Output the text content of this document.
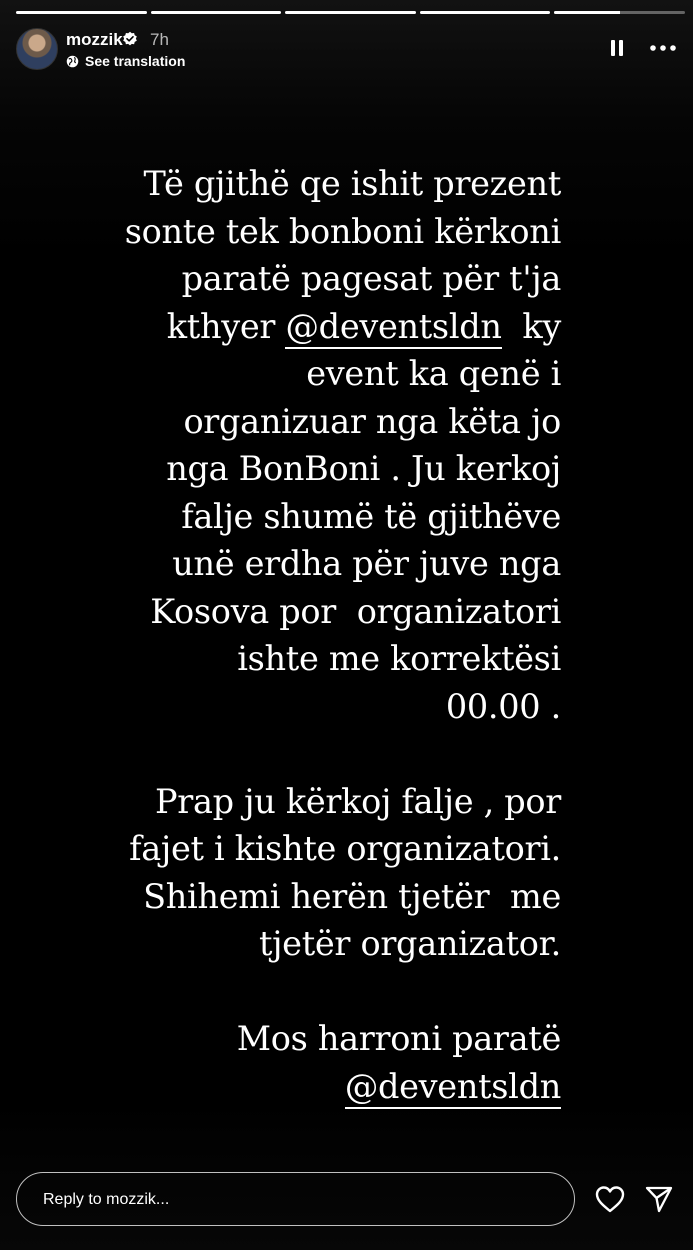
mozzik 7h
See translation
Të gjithë qe ishit prezent
sonte tek bonboni kërkoni
paratë pagesat për t'ja
kthyer @deventsldn ky
event ka qenë i
organizuar nga këta jo
nga BonBoni . Ju kerkoj
falje shumë të gjithëve
unë erdha për juve nga
Kosova por  organizatori
ishte me korrektësi
00.00 .
Prap ju kërkoj falje , por
fajet i kishte organizatori.
Shihemi herën tjetër  me
tjetër organizator.
Mos harroni paratë
@deventsldn
Reply to mozzik...
